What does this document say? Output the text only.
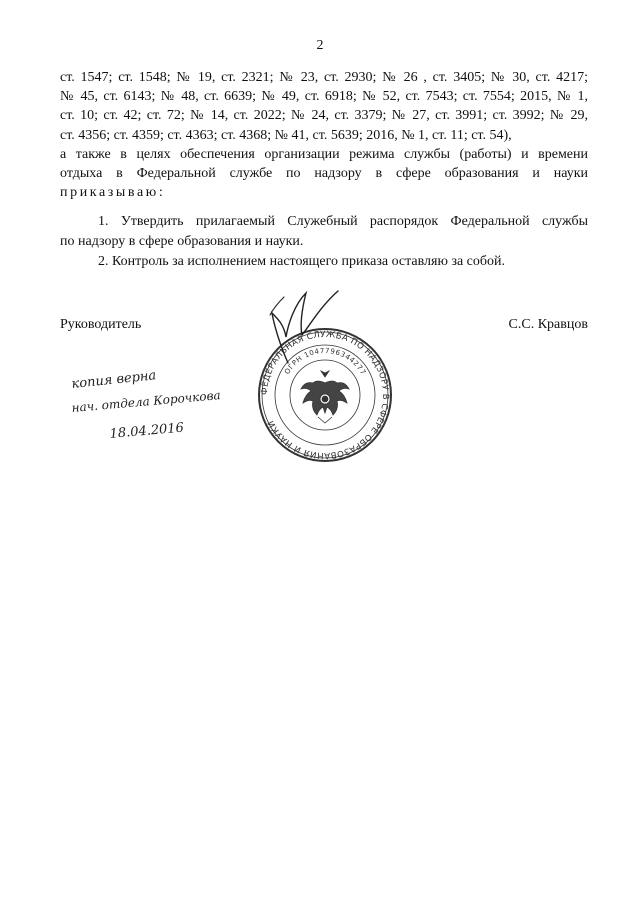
2
ст. 1547; ст. 1548; № 19, ст. 2321; № 23, ст. 2930; № 26 , ст. 3405; № 30, ст. 4217;
№ 45, ст. 6143; № 48, ст. 6639; № 49, ст. 6918; № 52, ст. 7543; ст. 7554; 2015, № 1,
ст. 10; ст. 42; ст. 72; № 14, ст. 2022; № 24, ст. 3379; № 27, ст. 3991; ст. 3992; № 29,
ст. 4356; ст. 4359; ст. 4363; ст. 4368; № 41, ст. 5639; 2016, № 1, ст. 11; ст. 54),
а также в целях обеспечения организации режима службы (работы) и времени
отдыха в Федеральной службе по надзору в сфере образования и науки
приказываю:
1. Утвердить прилагаемый Служебный распорядок Федеральной службы
по надзору в сфере образования и науки.
2. Контроль за исполнением настоящего приказа оставляю за собой.
Руководитель	С.С. Кравцов
ФЕДЕРАЛЬНАЯ СЛУЖБА ПО НАДЗОРУ В СФЕРЕ ОБРАЗОВАНИЯ И НАУКИ
ОГРН 1047796344277
копия верна
нач. отдела Корочкова
18.04.2016
